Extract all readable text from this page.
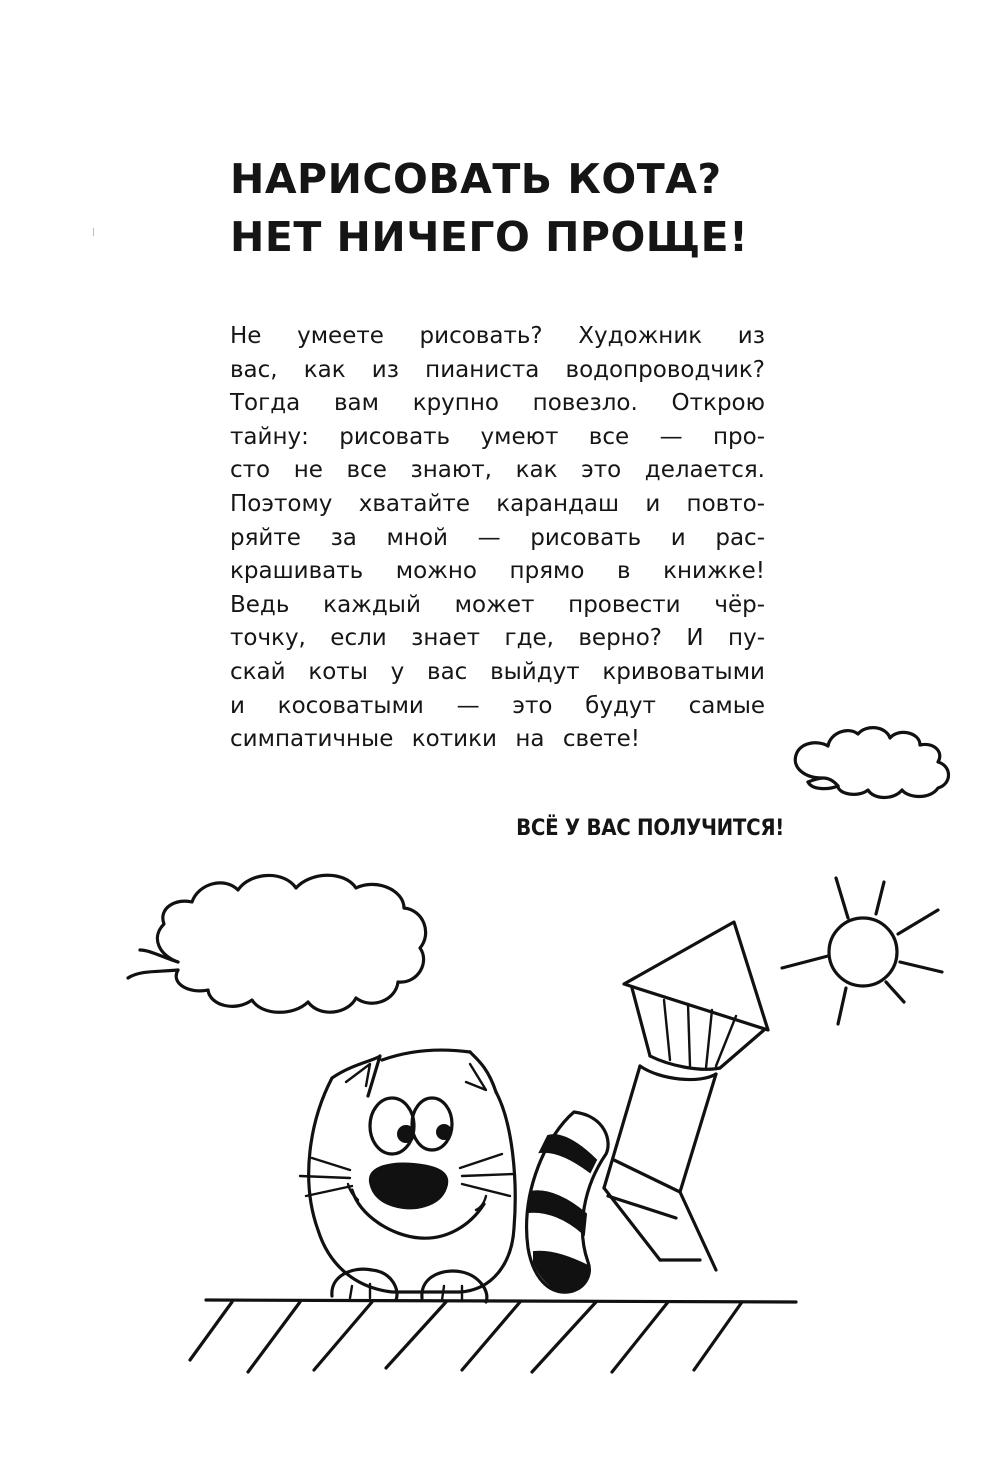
НАРИСОВАТЬ КОТА?
НЕТ НИЧЕГО ПРОЩЕ!
Не умеете рисовать? Художник из
вас, как из пианиста водопроводчик?
Тогда вам крупно повезло. Открою
тайну: рисовать умеют все — про-
сто не все знают, как это делается.
Поэтому хватайте карандаш и повто-
ряйте за мной — рисовать и рас-
крашивать можно прямо в книжке!
Ведь каждый может провести чёр-
точку, если знает где, верно? И пу-
скай коты у вас выйдут кривоватыми
и косоватыми — это будут самые
симпатичные котики на свете!
ВСЁ У ВАС ПОЛУЧИТСЯ!
